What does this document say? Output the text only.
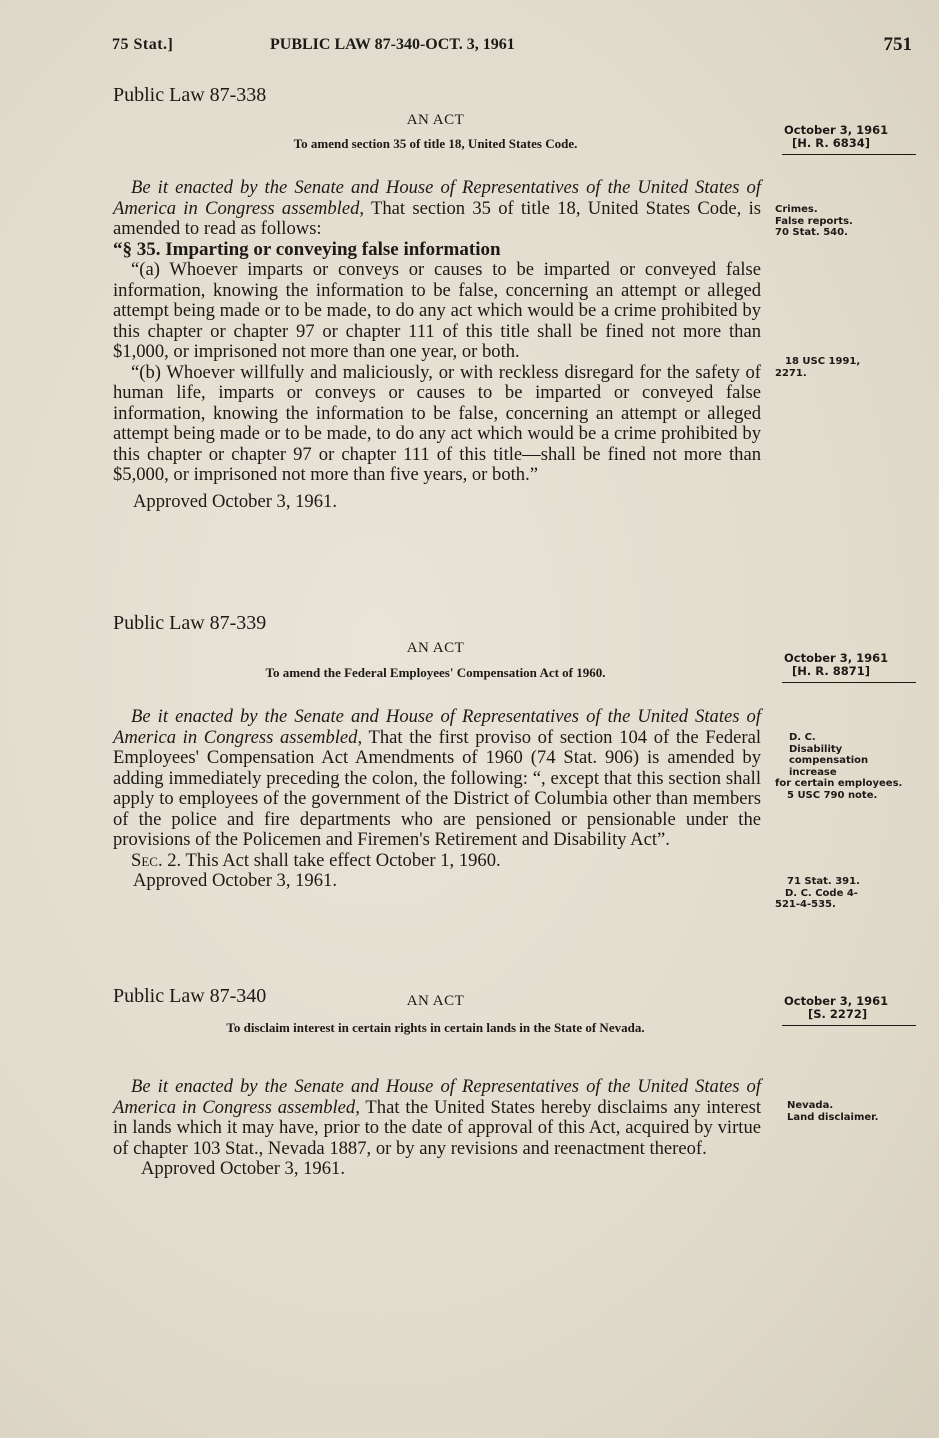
75 Stat.]	PUBLIC LAW 87-340-OCT. 3, 1961	751
Public Law 87-338
AN ACT
To amend section 35 of title 18, United States Code.
October 3, 1961
[H. R. 6834]

Be it enacted by the Senate and House of Representatives of the United States of America in Congress assembled, That section 35 of title 18, United States Code, is amended to read as follows:

“§ 35. Imparting or conveying false information

“(a) Whoever imparts or conveys or causes to be imparted or conveyed false information, knowing the information to be false, concerning an attempt or alleged attempt being made or to be made, to do any act which would be a crime prohibited by this chapter or chapter 97 or chapter 111 of this title shall be fined not more than $1,000, or imprisoned not more than one year, or both.

“(b) Whoever willfully and maliciously, or with reckless disregard for the safety of human life, imparts or conveys or causes to be imparted or conveyed false information, knowing the information to be false, concerning an attempt or alleged attempt being made or to be made, to do any act which would be a crime prohibited by this chapter or chapter 97 or chapter 111 of this title—shall be fined not more than $5,000, or imprisoned not more than five years, or both.”

Approved October 3, 1961.

Crimes.
False reports.
70 Stat. 540.
18 USC 1991,
2271.
Public Law 87-339
AN ACT
To amend the Federal Employees' Compensation Act of 1960.
October 3, 1961
[H. R. 8871]

Be it enacted by the Senate and House of Representatives of the United States of America in Congress assembled, That the first proviso of section 104 of the Federal Employees' Compensation Act Amendments of 1960 (74 Stat. 906) is amended by adding immediately preceding the colon, the following: “, except that this section shall apply to employees of the government of the District of Columbia other than members of the police and fire departments who are pensioned or pensionable under the provisions of the Policemen and Firemen's Retirement and Disability Act”.

Sec. 2. This Act shall take effect October 1, 1960.

Approved October 3, 1961.

D. C.
Disability compensation increase
for certain employees.
5 USC 790 note.
71 Stat. 391.
D. C. Code 4-
521-4-535.
Public Law 87-340	AN ACT
To disclaim interest in certain rights in certain lands in the State of Nevada.
October 3, 1961
[S. 2272]

Be it enacted by the Senate and House of Representatives of the United States of America in Congress assembled, That the United States hereby disclaims any interest in lands which it may have, prior to the date of approval of this Act, acquired by virtue of chapter 103 Stat., Nevada 1887, or by any revisions and reenactment thereof.

Approved October 3, 1961.

Nevada.
Land disclaimer.
